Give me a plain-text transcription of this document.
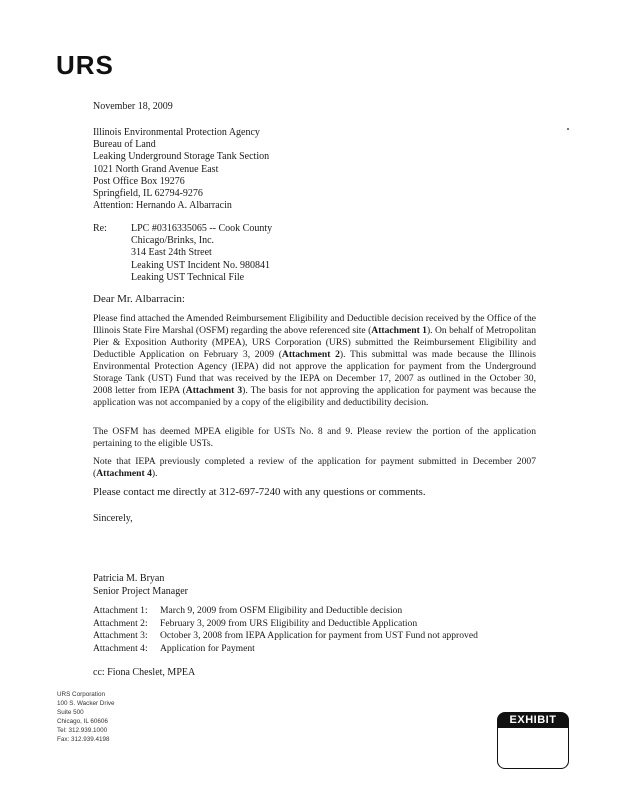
URS
November 18, 2009
Illinois Environmental Protection Agency
Bureau of Land
Leaking Underground Storage Tank Section
1021 North Grand Avenue East
Post Office Box 19276
Springfield, IL 62794-9276
Attention: Hernando A. Albarracin
Re: LPC #0316335065 -- Cook County
Chicago/Brinks, Inc.
314 East 24th Street
Leaking UST Incident No. 980841
Leaking UST Technical File
Dear Mr. Albarracin:

Please find attached the Amended Reimbursement Eligibility and Deductible decision received by the Office of the Illinois State Fire Marshal (OSFM) regarding the above referenced site (Attachment 1). On behalf of Metropolitan Pier & Exposition Authority (MPEA), URS Corporation (URS) submitted the Reimbursement Eligibility and Deductible Application on February 3, 2009 (Attachment 2). This submittal was made because the Illinois Environmental Protection Agency (IEPA) did not approve the application for payment from the Underground Storage Tank (UST) Fund that was received by the IEPA on December 17, 2007 as outlined in the October 30, 2008 letter from IEPA (Attachment 3). The basis for not approving the application for payment was because the application was not accompanied by a copy of the eligibility and deductibility decision.

The OSFM has deemed MPEA eligible for USTs No. 8 and 9. Please review the portion of the application pertaining to the eligible USTs.

Note that IEPA previously completed a review of the application for payment submitted in December 2007 (Attachment 4).

Please contact me directly at 312-697-7240 with any questions or comments.

Sincerely,
Patricia M. Bryan
Senior Project Manager
Attachment 1: March 9, 2009 from OSFM Eligibility and Deductible decision
Attachment 2: February 3, 2009 from URS Eligibility and Deductible Application
Attachment 3: October 3, 2008 from IEPA Application for payment from UST Fund not approved
Attachment 4: Application for Payment
cc: Fiona Cheslet, MPEA
URS Corporation
100 S. Wacker Drive
Suite 500
Chicago, IL 60606
Tel: 312.939.1000
Fax: 312.939.4198
EXHIBIT
